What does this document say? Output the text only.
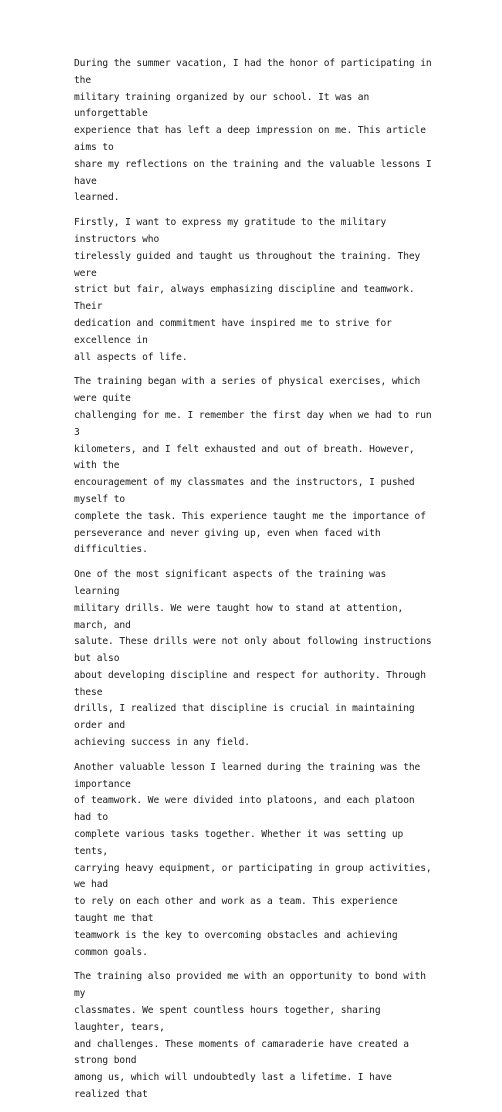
During the summer vacation, I had the honor of participating in the
military training organized by our school. It was an unforgettable
experience that has left a deep impression on me. This article aims to
share my reflections on the training and the valuable lessons I have
learned.

Firstly, I want to express my gratitude to the military instructors who
tirelessly guided and taught us throughout the training. They were
strict but fair, always emphasizing discipline and teamwork. Their
dedication and commitment have inspired me to strive for excellence in
all aspects of life.

The training began with a series of physical exercises, which were quite
challenging for me. I remember the first day when we had to run 3
kilometers, and I felt exhausted and out of breath. However, with the
encouragement of my classmates and the instructors, I pushed myself to
complete the task. This experience taught me the importance of
perseverance and never giving up, even when faced with difficulties.

One of the most significant aspects of the training was learning
military drills. We were taught how to stand at attention, march, and
salute. These drills were not only about following instructions but also
about developing discipline and respect for authority. Through these
drills, I realized that discipline is crucial in maintaining order and
achieving success in any field.

Another valuable lesson I learned during the training was the importance
of teamwork. We were divided into platoons, and each platoon had to
complete various tasks together. Whether it was setting up tents,
carrying heavy equipment, or participating in group activities, we had
to rely on each other and work as a team. This experience taught me that
teamwork is the key to overcoming obstacles and achieving common goals.

The training also provided me with an opportunity to bond with my
classmates. We spent countless hours together, sharing laughter, tears,
and challenges. These moments of camaraderie have created a strong bond
among us, which will undoubtedly last a lifetime. I have realized that
